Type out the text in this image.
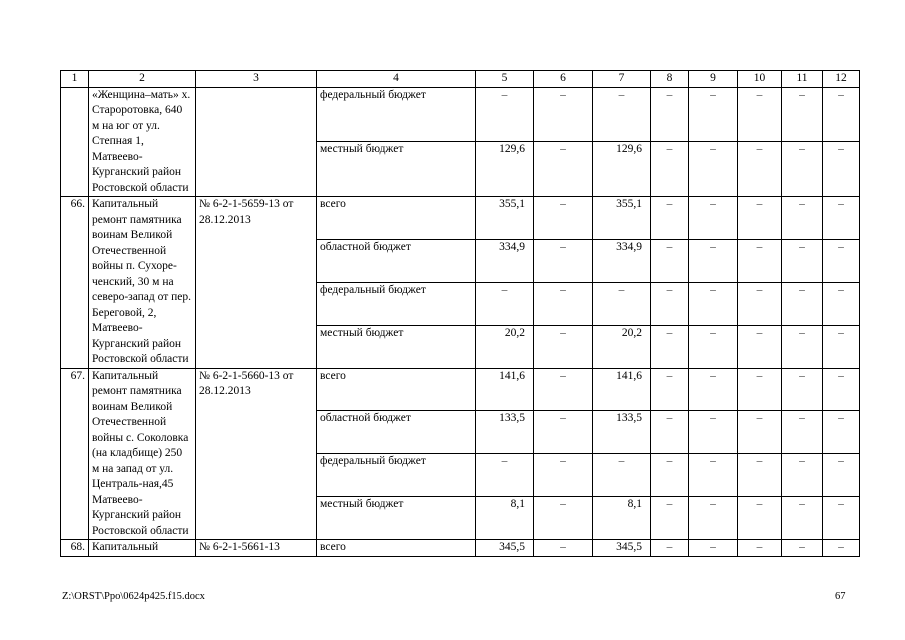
1	2	3	4	5	6	7	8	9	10	11	12
	«Женщина–мать» х. Староротовка, 640 м на юг от ул. Степная 1, Матвеево-Курганский район Ростовской области		федеральный бюджет	–	–	–	–	–	–	–	–
			местный бюджет	129,6	–	129,6	–	–	–	–	–
66.	Капитальный ремонт памятника воинам Великой Отечественной войны п. Сухоре-ченский, 30 м на северо-запад от пер. Береговой, 2, Матвеево-Курганский район Ростовской области	№ 6-2-1-5659-13 от 28.12.2013	всего	355,1	–	355,1	–	–	–	–	–
			областной бюджет	334,9	–	334,9	–	–	–	–	–
			федеральный бюджет	–	–	–	–	–	–	–	–
			местный бюджет	20,2	–	20,2	–	–	–	–	–
67.	Капитальный ремонт памятника воинам Великой Отечественной войны с. Соколовка (на кладбище) 250 м на запад от ул. Централь-ная,45 Матвеево-Курганский район Ростовской области	№ 6-2-1-5660-13 от 28.12.2013	всего	141,6	–	141,6	–	–	–	–	–
			областной бюджет	133,5	–	133,5	–	–	–	–	–
			федеральный бюджет	–	–	–	–	–	–	–	–
			местный бюджет	8,1	–	8,1	–	–	–	–	–
68.	Капитальный	№ 6-2-1-5661-13	всего	345,5	–	345,5	–	–	–	–	–
Z:\ORST\Ppo\0624p425.f15.docx	67
